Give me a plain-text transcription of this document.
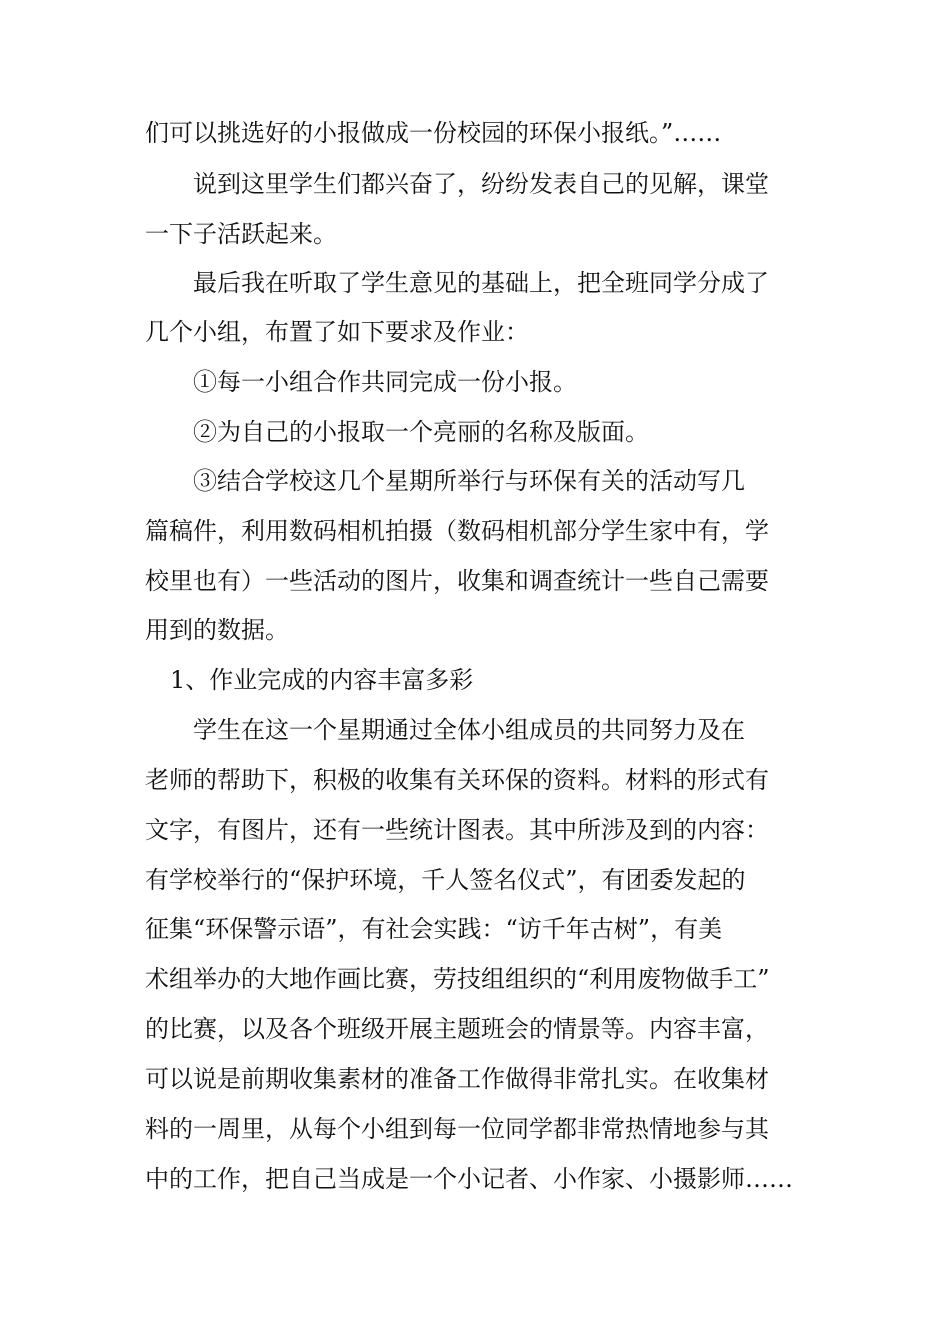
们可以挑选好的小报做成一份校园的环保小报纸。”……
说到这里学生们都兴奋了，纷纷发表自己的见解，课堂
一下子活跃起来。
最后我在听取了学生意见的基础上，把全班同学分成了
几个小组，布置了如下要求及作业：
①每一小组合作共同完成一份小报。
②为自己的小报取一个亮丽的名称及版面。
③结合学校这几个星期所举行与环保有关的活动写几
篇稿件，利用数码相机拍摄（数码相机部分学生家中有，学
校里也有）一些活动的图片，收集和调查统计一些自己需要
用到的数据。
1、作业完成的内容丰富多彩
学生在这一个星期通过全体小组成员的共同努力及在
老师的帮助下，积极的收集有关环保的资料。材料的形式有
文字，有图片，还有一些统计图表。其中所涉及到的内容：
有学校举行的“保护环境，千人签名仪式”，有团委发起的
征集“环保警示语”，有社会实践：“访千年古树”，有美
术组举办的大地作画比赛，劳技组组织的“利用废物做手工”
的比赛，以及各个班级开展主题班会的情景等。内容丰富，
可以说是前期收集素材的准备工作做得非常扎实。在收集材
料的一周里，从每个小组到每一位同学都非常热情地参与其
中的工作，把自己当成是一个小记者、小作家、小摄影师……
